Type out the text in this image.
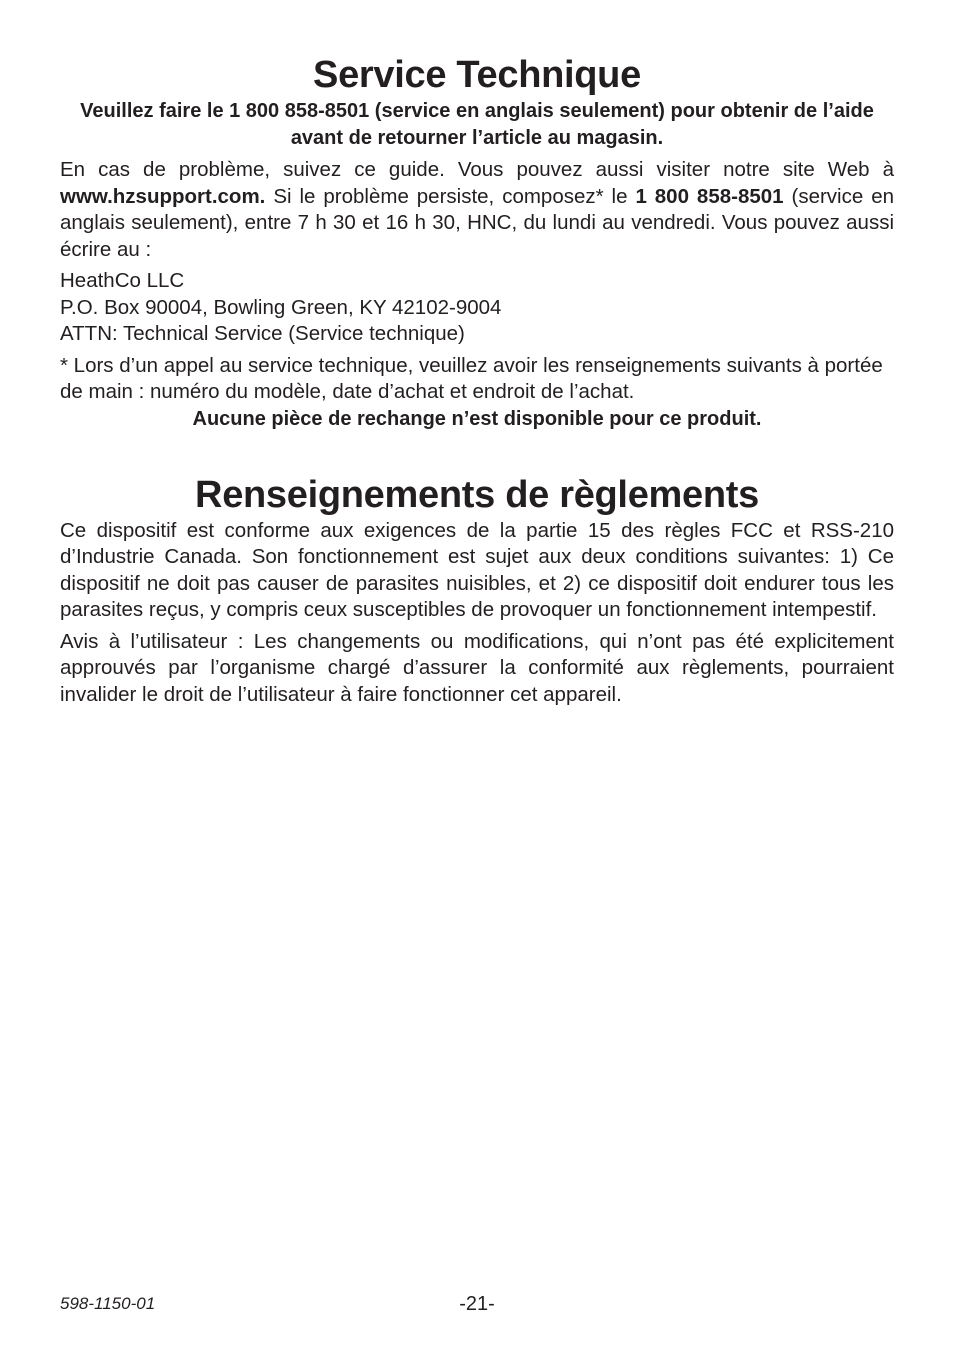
Service Technique

Veuillez faire le 1 800 858-8501 (service en anglais seulement) pour obtenir de l’aide avant de retourner l’article au magasin.

En cas de problème, suivez ce guide. Vous pouvez aussi visiter notre site Web à www.hzsupport.com. Si le problème persiste, composez* le 1 800 858-8501 (service en anglais seulement), entre 7 h 30 et 16 h 30, HNC, du lundi au vendredi. Vous pouvez aussi écrire au :

HeathCo LLC

P.O. Box 90004, Bowling Green, KY 42102-9004

ATTN: Technical Service (Service technique)

* Lors d’un appel au service technique, veuillez avoir les renseignements suivants à portée de main : numéro du modèle, date d’achat et endroit de l’achat.

Aucune pièce de rechange n’est disponible pour ce produit.

Renseignements de règlements

Ce dispositif est conforme aux exigences de la partie 15 des règles FCC et RSS-210 d’Industrie Canada. Son fonctionnement est sujet aux deux conditions suivantes: 1) Ce dispositif ne doit pas causer de parasites nuisibles, et 2) ce dispositif doit endurer tous les parasites reçus, y compris ceux susceptibles de provoquer un fonctionnement intempestif.

Avis à l’utilisateur : Les changements ou modifications, qui n’ont pas été explicitement approuvés par l’organisme chargé d’assurer la conformité aux règlements, pourraient invalider le droit de l’utilisateur à faire fonctionner cet appareil.

598-1150-01	-21-
